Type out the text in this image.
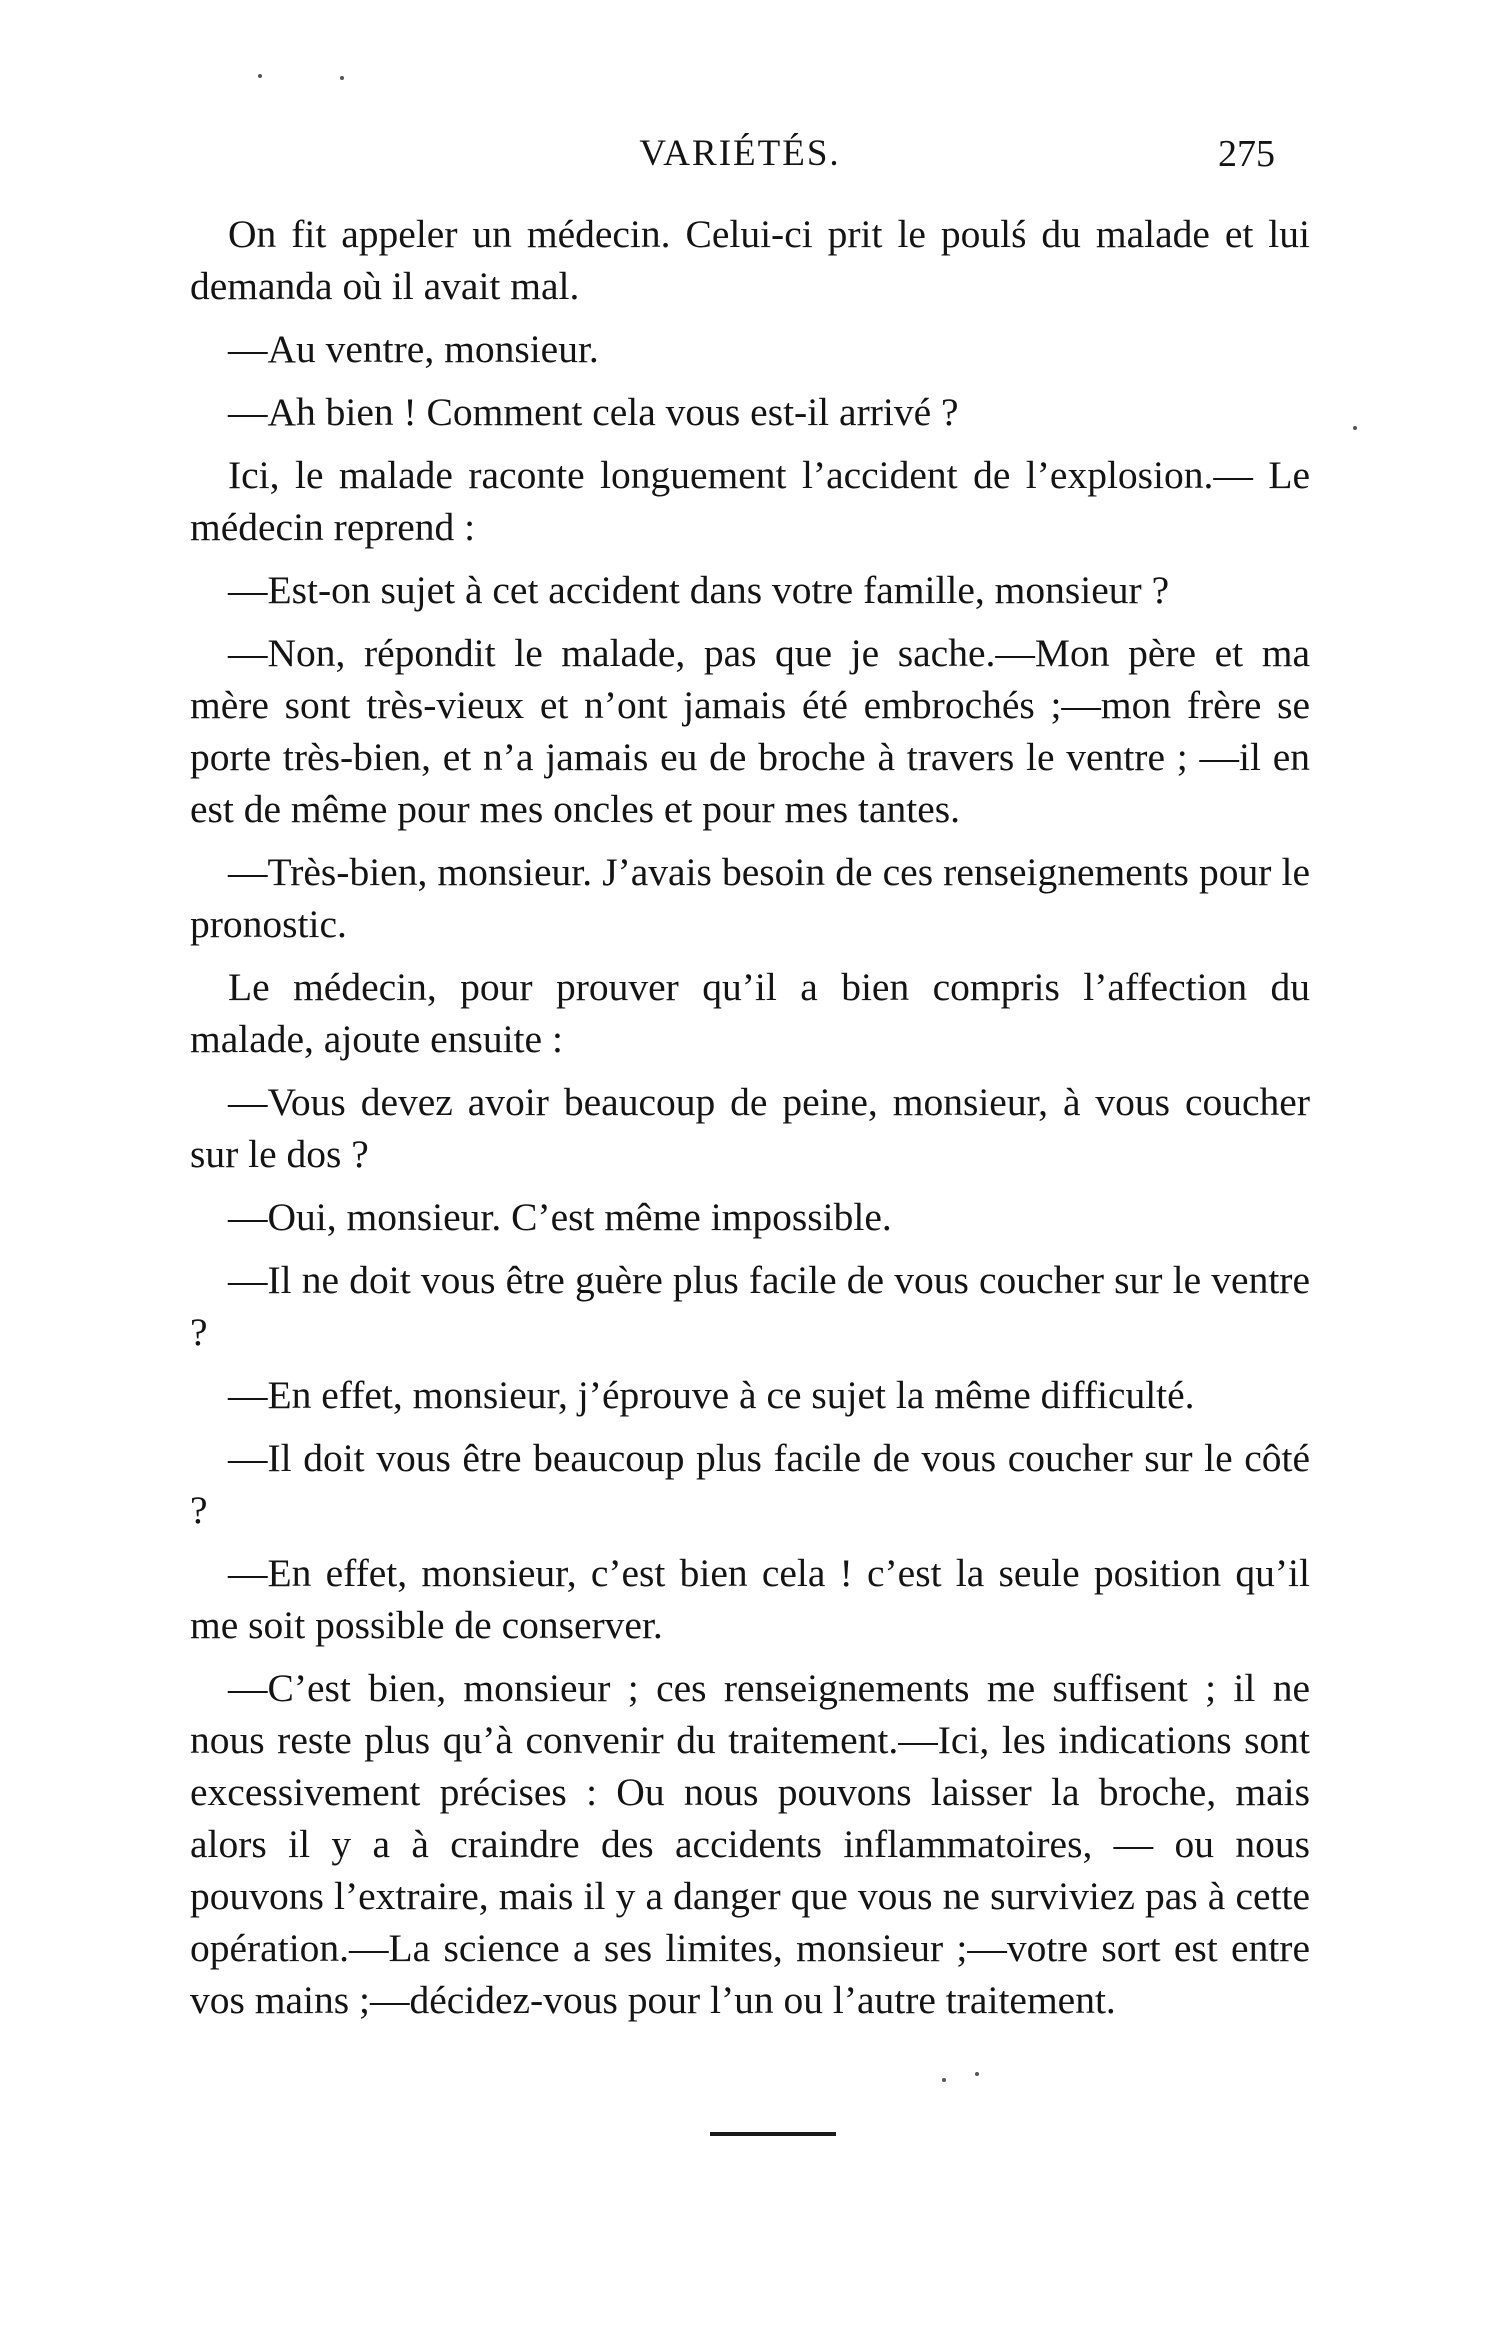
VARIÉTÉS.	275

On fit appeler un médecin. Celui-ci prit le poulś du malade et lui demanda où il avait mal.

—Au ventre, monsieur.

—Ah bien ! Comment cela vous est-il arrivé ?

Ici, le malade raconte longuement l’accident de l’explosion.— Le médecin reprend :

—Est-on sujet à cet accident dans votre famille, monsieur ?

—Non, répondit le malade, pas que je sache.—Mon père et ma mère sont très-vieux et n’ont jamais été embrochés ;—mon frère se porte très-bien, et n’a jamais eu de broche à travers le ventre ; —il en est de même pour mes oncles et pour mes tantes.

—Très-bien, monsieur. J’avais besoin de ces renseignements pour le pronostic.

Le médecin, pour prouver qu’il a bien compris l’affection du malade, ajoute ensuite :

—Vous devez avoir beaucoup de peine, monsieur, à vous coucher sur le dos ?

—Oui, monsieur. C’est même impossible.

—Il ne doit vous être guère plus facile de vous coucher sur le ventre ?

—En effet, monsieur, j’éprouve à ce sujet la même difficulté.

—Il doit vous être beaucoup plus facile de vous coucher sur le côté ?

—En effet, monsieur, c’est bien cela ! c’est la seule position qu’il me soit possible de conserver.

—C’est bien, monsieur ; ces renseignements me suffisent ; il ne nous reste plus qu’à convenir du traitement.—Ici, les indications sont excessivement précises : Ou nous pouvons laisser la broche, mais alors il y a à craindre des accidents inflammatoires, — ou nous pouvons l’extraire, mais il y a danger que vous ne surviviez pas à cette opération.—La science a ses limites, monsieur ;—votre sort est entre vos mains ;—décidez-vous pour l’un ou l’autre traitement.
